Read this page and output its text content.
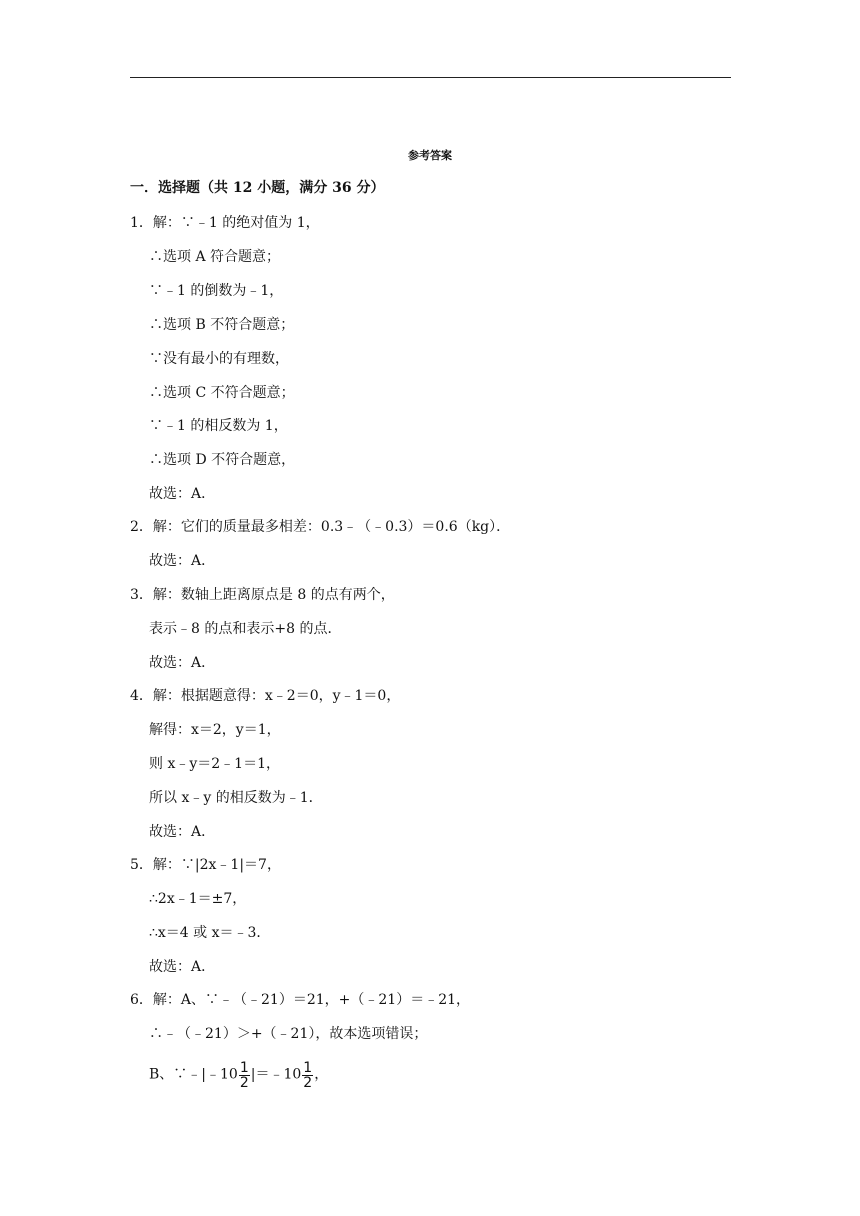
参考答案
一．选择题（共 12 小题，满分 36 分）
1．解：∵﹣1 的绝对值为 1，
∴选项 A 符合题意；
∵﹣1 的倒数为﹣1，
∴选项 B 不符合题意；
∵没有最小的有理数，
∴选项 C 不符合题意；
∵﹣1 的相反数为 1，
∴选项 D 不符合题意，
故选：A．
2．解：它们的质量最多相差：0.3﹣（﹣0.3）＝0.6（kg）．
故选：A．
3．解：数轴上距离原点是 8 的点有两个，
表示﹣8 的点和表示+8 的点．
故选：A．
4．解：根据题意得：x﹣2＝0，y﹣1＝0，
解得：x＝2，y＝1，
则 x﹣y＝2﹣1＝1，
所以 x﹣y 的相反数为﹣1．
故选：A．
5．解：∵|2x﹣1|＝7，
∴2x﹣1＝±7，
∴x＝4 或 x＝﹣3．
故选：A．
6．解：A、∵﹣（﹣21）＝21，+（﹣21）＝﹣21，
∴﹣（﹣21）＞+（﹣21），故本选项错误；
B、∵﹣|﹣10 $\frac{1}{2}$ |＝﹣10 $\frac{1}{2}$ ，
